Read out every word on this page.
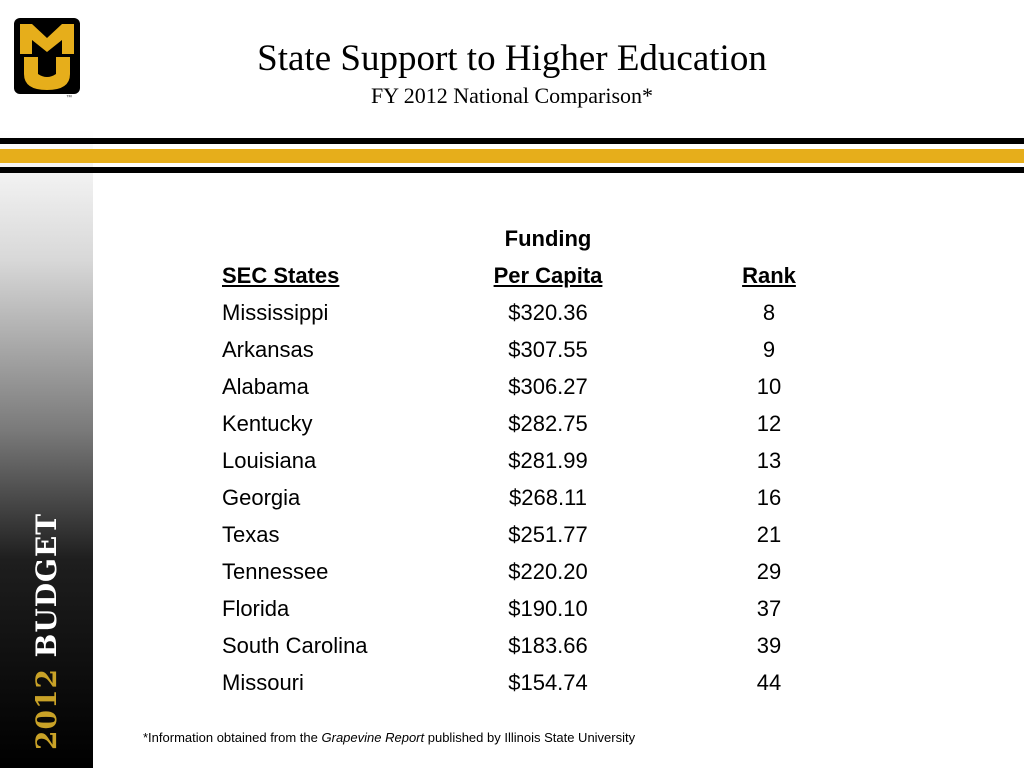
™
2012 BUDGET
State Support to Higher Education
FY 2012 National Comparison*
Funding
SEC States	Per Capita	Rank
Mississippi	$320.36	8
Arkansas	$307.55	9
Alabama	$306.27	10
Kentucky	$282.75	12
Louisiana	$281.99	13
Georgia	$268.11	16
Texas	$251.77	21
Tennessee	$220.20	29
Florida	$190.10	37
South Carolina	$183.66	39
Missouri	$154.74	44
*Information obtained from the Grapevine Report published by Illinois State University
